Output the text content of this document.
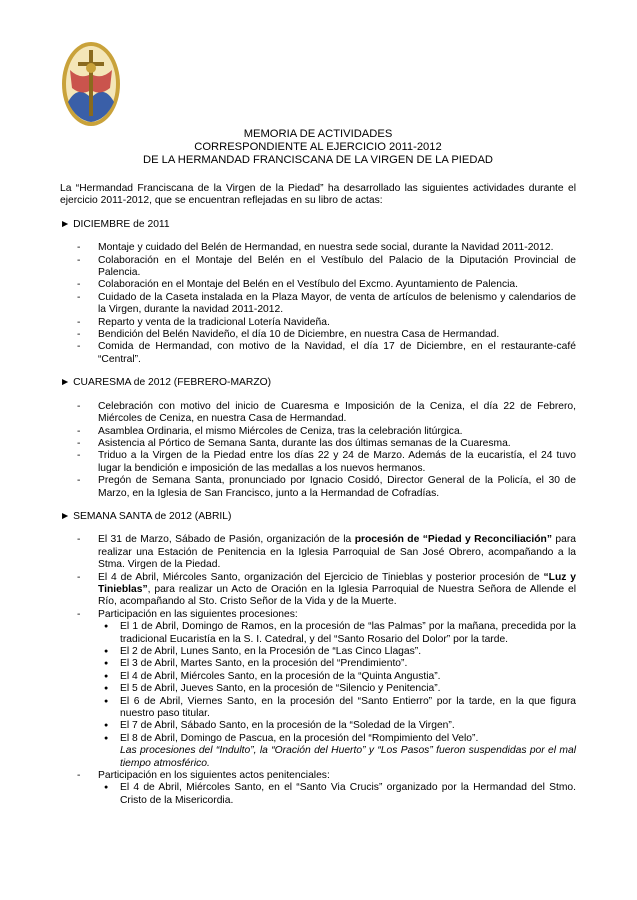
MEMORIA DE ACTIVIDADES
CORRESPONDIENTE AL EJERCICIO 2011-2012
DE LA HERMANDAD FRANCISCANA DE LA VIRGEN DE LA PIEDAD

La “Hermandad Franciscana de la Virgen de la Piedad” ha desarrollado las siguientes actividades durante el ejercicio 2011-2012, que se encuentran reflejadas en su libro de actas:

► DICIEMBRE de 2011
- Montaje y cuidado del Belén de Hermandad, en nuestra sede social, durante la Navidad 2011-2012.
- Colaboración en el Montaje del Belén en el Vestíbulo del Palacio de la Diputación Provincial de Palencia.
- Colaboración en el Montaje del Belén en el Vestíbulo del Excmo. Ayuntamiento de Palencia.
- Cuidado de la Caseta instalada en la Plaza Mayor, de venta de artículos de belenismo y calendarios de la Virgen, durante la navidad 2011-2012.
- Reparto y venta de la tradicional Lotería Navideña.
- Bendición del Belén Navideño, el día 10 de Diciembre, en nuestra Casa de Hermandad.
- Comida de Hermandad, con motivo de la Navidad, el día 17 de Diciembre, en el restaurante-café “Central”.
► CUARESMA de 2012 (FEBRERO-MARZO)
- Celebración con motivo del inicio de Cuaresma e Imposición de la Ceniza, el día 22 de Febrero, Miércoles de Ceniza, en nuestra Casa de Hermandad.
- Asamblea Ordinaria, el mismo Miércoles de Ceniza, tras la celebración litúrgica.
- Asistencia al Pórtico de Semana Santa, durante las dos últimas semanas de la Cuaresma.
- Triduo a la Virgen de la Piedad entre los días 22 y 24 de Marzo. Además de la eucaristía, el 24 tuvo lugar la bendición e imposición de las medallas a los nuevos hermanos.
- Pregón de Semana Santa, pronunciado por Ignacio Cosidó, Director General de la Policía, el 30 de Marzo, en la Iglesia de San Francisco, junto a la Hermandad de Cofradías.
► SEMANA SANTA de 2012 (ABRIL)
- El 31 de Marzo, Sábado de Pasión, organización de la procesión de “Piedad y Reconciliación” para realizar una Estación de Penitencia en la Iglesia Parroquial de San José Obrero, acompañando a la Stma. Virgen de la Piedad.
- El 4 de Abril, Miércoles Santo, organización del Ejercicio de Tinieblas y posterior procesión de “Luz y Tinieblas”, para realizar un Acto de Oración en la Iglesia Parroquial de Nuestra Señora de Allende el Río, acompañando al Sto. Cristo Señor de la Vida y de la Muerte.
- Participación en las siguientes procesiones:
● El 1 de Abril, Domingo de Ramos, en la procesión de “las Palmas” por la mañana, precedida por la tradicional Eucaristía en la S. I. Catedral, y del “Santo Rosario del Dolor” por la tarde.
● El 2 de Abril, Lunes Santo, en la Procesión de “Las Cinco Llagas”.
● El 3 de Abril, Martes Santo, en la procesión del “Prendimiento”.
● El 4 de Abril, Miércoles Santo, en la procesión de la “Quinta Angustia”.
● El 5 de Abril, Jueves Santo, en la procesión de “Silencio y Penitencia”.
● El 6 de Abril, Viernes Santo, en la procesión del “Santo Entierro” por la tarde, en la que figura nuestro paso titular.
● El 7 de Abril, Sábado Santo, en la procesión de la “Soledad de la Virgen”.
● El 8 de Abril, Domingo de Pascua, en la procesión del “Rompimiento del Velo”.
Las procesiones del “Indulto”, la “Oración del Huerto” y “Los Pasos” fueron suspendidas por el mal tiempo atmosférico.
- Participación en los siguientes actos penitenciales:
● El 4 de Abril, Miércoles Santo, en el “Santo Via Crucis” organizado por la Hermandad del Stmo. Cristo de la Misericordia.
